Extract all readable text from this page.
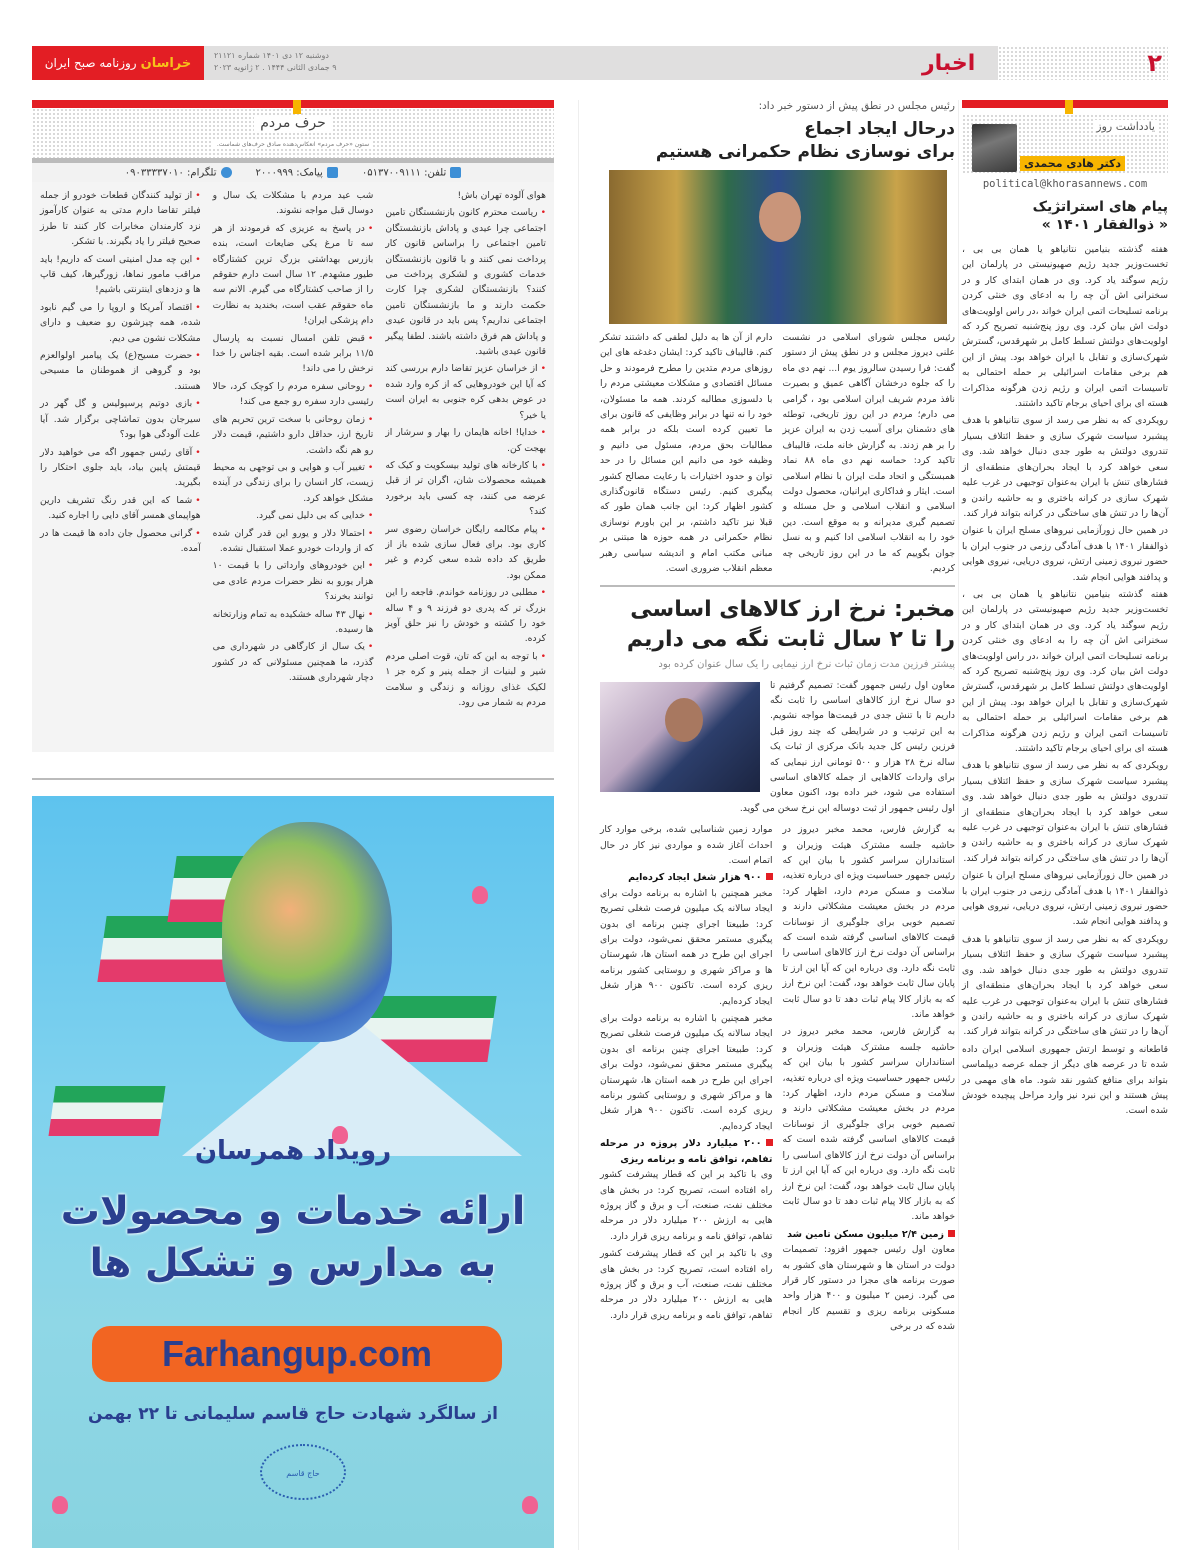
خراسان
روزنامه صبح ایران
دوشنبه ۱۲ دی ۱۴۰۱ شماره ۲۱۱۲۱
۹ جمادی الثانی ۱۴۴۴ . ۲ ژانویه ۲۰۲۳	اخبار	۲
یادداشت روز
دکتر هادی محمدی
political@khorasannews.com
پیام های استراتژیک
« ذوالفقار ۱۴۰۱ »

هفته گذشته بنیامین نتانیاهو یا همان بی بی ، تخست‌وزیر جدید رژیم صهیونیستی در پارلمان این رژیم سوگند یاد کرد. وی در همان ابتدای کار و در سخنرانی اش آن چه را به ادعای وی خنثی کردن برنامه تسلیحات اتمی ایران خواند ،در راس اولویت‌های دولت اش بیان کرد. وی روز پنج‌شنبه تصریح کرد که اولویت‌های دولتش تسلط کامل بر شهرقدس، گسترش شهرک‌سازی و تقابل با ایران خواهد بود. پیش از این هم برخی مقامات اسرائیلی بر حمله احتمالی به تاسیسات اتمی ایران و رژیم زدن هرگونه مذاکرات هسته ای برای احیای برجام تاکید داشتند.

رویکردی که به نظر می رسد از سوی نتانیاهو با هدف پیشبرد سیاست شهرک سازی و حفظ ائتلاف بسیار تندروی دولتش به طور جدی دنبال خواهد شد. وی سعی خواهد کرد با ایجاد بحران‌های منطقه‌ای از فشارهای تنش با ایران به‌عنوان توجیهی در غرب علیه شهرک سازی در کرانه باختری و به حاشیه راندن و آن‌ها را در تنش های ساختگی در کرانه بتواند فرار کند.

در همین حال زورآزمایی نیروهای مسلح ایران با عنوان ذوالفقار ۱۴۰۱ با هدف آمادگی رزمی در جنوب ایران با حضور نیروی زمینی ارتش، نیروی دریایی، نیروی هوایی و پدافند هوایی انجام شد.

هفته گذشته بنیامین نتانیاهو یا همان بی بی ، تخست‌وزیر جدید رژیم صهیونیستی در پارلمان این رژیم سوگند یاد کرد. وی در همان ابتدای کار و در سخنرانی اش آن چه را به ادعای وی خنثی کردن برنامه تسلیحات اتمی ایران خواند ،در راس اولویت‌های دولت اش بیان کرد. وی روز پنج‌شنبه تصریح کرد که اولویت‌های دولتش تسلط کامل بر شهرقدس، گسترش شهرک‌سازی و تقابل با ایران خواهد بود. پیش از این هم برخی مقامات اسرائیلی بر حمله احتمالی به تاسیسات اتمی ایران و رژیم زدن هرگونه مذاکرات هسته ای برای احیای برجام تاکید داشتند.

رویکردی که به نظر می رسد از سوی نتانیاهو با هدف پیشبرد سیاست شهرک سازی و حفظ ائتلاف بسیار تندروی دولتش به طور جدی دنبال خواهد شد. وی سعی خواهد کرد با ایجاد بحران‌های منطقه‌ای از فشارهای تنش با ایران به‌عنوان توجیهی در غرب علیه شهرک سازی در کرانه باختری و به حاشیه راندن و آن‌ها را در تنش های ساختگی در کرانه بتواند فرار کند.

در همین حال زورآزمایی نیروهای مسلح ایران با عنوان ذوالفقار ۱۴۰۱ با هدف آمادگی رزمی در جنوب ایران با حضور نیروی زمینی ارتش، نیروی دریایی، نیروی هوایی و پدافند هوایی انجام شد.

رویکردی که به نظر می رسد از سوی نتانیاهو با هدف پیشبرد سیاست شهرک سازی و حفظ ائتلاف بسیار تندروی دولتش به طور جدی دنبال خواهد شد. وی سعی خواهد کرد با ایجاد بحران‌های منطقه‌ای از فشارهای تنش با ایران به‌عنوان توجیهی در غرب علیه شهرک سازی در کرانه باختری و به حاشیه راندن و آن‌ها را در تنش های ساختگی در کرانه بتواند فرار کند.

قاطعانه و توسط ارتش جمهوری اسلامی ایران داده شده تا در عرصه های دیگر از جمله عرصه دیپلماسی بتواند برای منافع کشور نقد شود. ماه های مهمی در پیش هستند و این نبرد نیز وارد مراحل پیچیده خودش شده است.

رئیس مجلس در نطق پیش از دستور خبر داد:
درحال ایجاد اجماع
برای نوسازی نظام حکمرانی هستیم
رئیس مجلس شورای اسلامی در نشست علنی دیروز مجلس و در نطق پیش از دستور گفت: فرا رسیدن سالروز یوم ا... نهم دی ماه را که جلوه درخشان آگاهی عمیق و بصیرت نافذ مردم شریف ایران اسلامی بود ، گرامی می دارم؛ مردم در این روز تاریخی، توطئه های دشمنان برای آسیب زدن به ایران عزیز را بر هم زدند. به گزارش خانه ملت، قالیباف تاکید کرد: حماسه‌ نهم دی ماه ۸۸ نماد همبستگی و اتحاد ملت ایران با نظام اسلامی است. ایثار و فداکاری ایرانیان، محصول دولت اسلامی و انقلاب اسلامی و حل مسئله و تصمیم گیری مدیرانه و به موقع است. دین خود را به انقلاب اسلامی ادا کنیم و به نسل جوان بگوییم که ما در این روز تاریخی چه کردیم.
دارم از آن ها به دلیل لطفی که داشتند تشکر کنم. قالیباف تاکید کرد: ایشان دغدغه های این روزهای مردم متدین را مطرح فرمودند و حل مسائل اقتصادی و مشکلات معیشتی مردم را با دلسوزی مطالبه کردند. همه ما مسئولان، خود را نه تنها در برابر وظایفی که قانون برای ما تعیین کرده است بلکه در برابر همه مطالبات بحق مردم، مسئول می دانیم و وظیفه خود می دانیم این مسائل را در حد توان و حدود اختیارات با رعایت مصالح کشور پیگیری کنیم. رئیس دستگاه قانون‌گذاری کشور اظهار کرد: این جانب همان طور که قبلا نیز تاکید داشتم، بر این باورم نوسازی نظام حکمرانی در همه حوزه ها مبتنی بر مبانی مکتب امام و اندیشه سیاسی رهبر معظم انقلاب ضروری است.
مخبر: نرخ ارز کالاهای اساسی
را تا ۲ سال ثابت نگه می داریم
پیشتر فرزین مدت زمان ثبات نرخ ارز نیمایی را یک سال عنوان کرده بود
معاون اول رئیس جمهور گفت: تصمیم گرفتیم تا دو سال نرخ ارز کالاهای اساسی را ثابت نگه داریم تا با تنش جدی در قیمت‌ها مواجه نشویم. به این ترتیب و در شرایطی که چند روز قبل فرزین رئیس کل جدید بانک مرکزی از ثبات یک ساله نرخ ۲۸ هزار و ۵۰۰ تومانی ارز نیمایی که برای واردات کالاهایی از جمله کالاهای اساسی استفاده می شود، خبر داده بود، اکنون معاون اول رئیس جمهور از ثبت دوساله این نرخ سخن می گوید.

به گزارش فارس، محمد مخبر دیروز در حاشیه جلسه مشترک هیئت وزیران و استانداران سراسر کشور با بیان این که رئیس جمهور حساسیت ویژه ای درباره تغذیه، سلامت و مسکن مردم دارد، اظهار کرد: مردم در بخش معیشت مشکلاتی دارند و تصمیم خوبی برای جلوگیری از نوسانات قیمت کالاهای اساسی گرفته شده است که براساس آن دولت نرخ ارز کالاهای اساسی را ثابت نگه دارد. وی درباره این که آیا این ارز تا پایان سال ثابت خواهد بود، گفت: این نرخ ارز که به بازار کالا پیام ثبات دهد تا دو سال ثابت خواهد ماند.

به گزارش فارس، محمد مخبر دیروز در حاشیه جلسه مشترک هیئت وزیران و استانداران سراسر کشور با بیان این که رئیس جمهور حساسیت ویژه ای درباره تغذیه، سلامت و مسکن مردم دارد، اظهار کرد: مردم در بخش معیشت مشکلاتی دارند و تصمیم خوبی برای جلوگیری از نوسانات قیمت کالاهای اساسی گرفته شده است که براساس آن دولت نرخ ارز کالاهای اساسی را ثابت نگه دارد. وی درباره این که آیا این ارز تا پایان سال ثابت خواهد بود، گفت: این نرخ ارز که به بازار کالا پیام ثبات دهد تا دو سال ثابت خواهد ماند.

زمین ۲/۴ میلیون مسکن تامین شد

معاون اول رئیس جمهور افزود: تصمیمات دولت در استان ها و شهرستان های کشور به صورت برنامه های مجزا در دستور کار قرار می گیرد. زمین ۲ میلیون و ۴۰۰ هزار واحد مسکونی برنامه ریزی و تقسیم کار انجام شده که در برخی

موارد زمین شناسایی شده، برخی موارد کار احداث آغاز شده و مواردی نیز کار در حال اتمام است.

۹۰۰ هزار شغل ایجاد کرده‌ایم

مخبر همچنین با اشاره به برنامه دولت برای ایجاد سالانه یک میلیون فرصت شغلی تصریح کرد: طبیعتا اجرای چنین برنامه ای بدون پیگیری مستمر محقق نمی‌شود، دولت برای اجرای این طرح در همه استان ها، شهرستان ها و مراکز شهری و روستایی کشور برنامه ریزی کرده است. تاکنون ۹۰۰ هزار شغل ایجاد کرده‌ایم.

مخبر همچنین با اشاره به برنامه دولت برای ایجاد سالانه یک میلیون فرصت شغلی تصریح کرد: طبیعتا اجرای چنین برنامه ای بدون پیگیری مستمر محقق نمی‌شود، دولت برای اجرای این طرح در همه استان ها، شهرستان ها و مراکز شهری و روستایی کشور برنامه ریزی کرده است. تاکنون ۹۰۰ هزار شغل ایجاد کرده‌ایم.

۲۰۰ میلیارد دلار پروژه در مرحله تفاهم، توافق نامه و برنامه ریزی

وی با تاکید بر این که قطار پیشرفت کشور راه افتاده است، تصریح کرد: در بخش های مختلف نفت، صنعت، آب و برق و گاز پروژه هایی به ارزش ۲۰۰ میلیارد دلار در مرحله تفاهم، توافق نامه و برنامه ریزی قرار دارد.

وی با تاکید بر این که قطار پیشرفت کشور راه افتاده است، تصریح کرد: در بخش های مختلف نفت، صنعت، آب و برق و گاز پروژه هایی به ارزش ۲۰۰ میلیارد دلار در مرحله تفاهم، توافق نامه و برنامه ریزی قرار دارد.

حرف مردم
ستون «حرف مردم» انعکاس‌دهنده صادق حرف‌های شماست.
تلفن: ۰۵۱۳۷۰۰۹۱۱۱
پیامک: ۲۰۰۰۹۹۹
تلگرام: ۰۹۰۳۳۳۳۷۰۱۰

هوای آلوده تهران باش!

•ریاست محترم کانون بازنشستگان تامین اجتماعی چرا عیدی و پاداش بازنشستگان تامین اجتماعی را براساس قانون کار پرداخت نمی کنند و با قانون بازنشستگان خدمات کشوری و لشکری پرداخت می کنند؟ بازنشستگان لشکری چرا کارت حکمت دارند و ما بازنشستگان تامین اجتماعی نداریم؟ پس باید در قانون عیدی و پاداش هم فرق داشته باشند. لطفا پیگیر قانون عیدی باشید.

•از خراسان عزیز تقاضا دارم بررسی کند که آیا این خودروهایی که از کره وارد شده در عوض بدهی کره جنوبی به ایران است یا خیر؟

•خدایا! اخانه هایمان را بهار و سرشار از بهجت کن.

•با کارخانه های تولید بیسکویت و کیک که همیشه محصولات شان، اگران تر از قبل عرضه می کنند، چه کسی باید برخورد کند؟

•پیام مکالمه رایگان خراسان رضوی سر کاری بود. برای فعال سازی شده باز از طریق کد داده شده سعی کردم و غیر ممکن بود.

•مطلبی در روزنامه خواندم. فاجعه را این بزرگ تر که پدری دو فرزند ۹ و ۴ ساله خود را کشته و خودش را نیز حلق آویز کرده.

•با توجه به این که تان، قوت اصلی مردم شیر و لبنیات از جمله پنیر و کره جز ۱ لکیک غذای روزانه و زندگی و سلامت مردم به شمار می رود.

شب عید مردم با مشکلات یک سال و دوسال قبل مواجه نشوند.

•در پاسخ به عزیزی که فرمودند از هر سه تا مرغ یکی ضایعات است، بنده بازرس بهداشتی بزرگ ترین کشتارگاه طیور مشهدم. ۱۲ سال است دارم حقوقم را از صاحب کشتارگاه می گیرم. الانم سه ماه حقوقم عقب است، بخندید به نظارت دام پزشکی ایران!

•قبض تلفن امسال نسبت به پارسال ۱۱/۵ برابر شده است. بقیه اجناس را خدا نرخش را می داند!

•روحانی سفره مردم را کوچک کرد، حالا رئیسی دارد سفره رو جمع می کند!

•زمان روحانی با سخت ترین تحریم های تاریخ ارز، حداقل دارو داشتیم، قیمت دلار رو هم نگه داشت.

•تغییر آب و هوایی و بی توجهی به محیط زیست، کار انسان را برای زندگی در آینده مشکل خواهد کرد.

•خدایی که بی دلیل نمی گیرد.

•احتمالا دلار و یورو این قدر گران شده که از واردات خودرو عملا استقبال نشده.

•این خودروهای وارداتی را با قیمت ۱۰ هزار یورو به نظر حضرات مردم عادی می توانند بخرند؟

•نهال ۴۳ ساله خشکیده به تمام وزارتخانه ها رسیده.

•یک سال از کارگاهی در شهرداری می گذرد، ما همچنین مسئولانی که در کشور دچار شهرداری هستند.

•از تولید کنندگان قطعات خودرو از جمله فیلتر تقاضا دارم مدتی به عنوان کارآموز نزد کارمندان مخابرات کار کنند تا طرز صحیح فیلتر را یاد بگیرند. با تشکر.

•این چه مدل امنیتی است که داریم! باید مراقب مامور نماها، زورگیرها، کیف قاپ ها و دزدهای اینترنتی باشیم!

•اقتصاد آمریکا و اروپا را می گیم نابود شده، همه چیزشون رو ضعیف و دارای مشکلات نشون می دیم.

•حضرت مسیح(ع) یک پیامبر اولوالعزم بود و گروهی از هموطنان ما مسیحی هستند.

•بازی دوتیم پرسپولیس و گل گهر در سیرجان بدون تماشاچی برگزار شد. آیا علت آلودگی هوا بود؟

•آقای رئیس جمهور اگه می خواهید دلار قیمتش پایین بیاد، باید جلوی احتکار را بگیرید.

•شما که این قدر رنگ تشریف دارین هواپیمای همسر آقای دایی را اجاره کنید.

•گرانی محصول جان داده ها قیمت ها در آمده.

رویداد همرسان
ارائه خدمات و محصولات
به مدارس و تشکل ها
Farhangup.com
از سالگرد شهادت حاج قاسم سلیمانی تا ۲۲ بهمن
حاج قاسم
